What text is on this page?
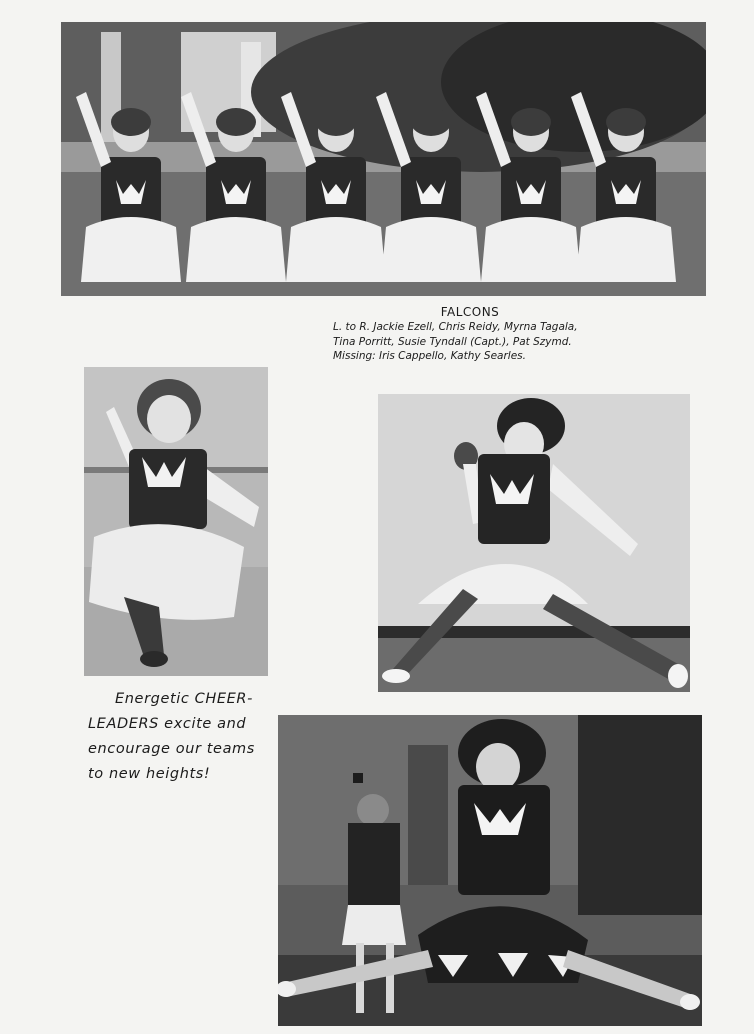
FALCONS
L. to R. Jackie Ezell, Chris Reidy, Myrna Tagala,
Tina Porritt, Susie Tyndall (Capt.), Pat Szymd.
Missing: Iris Cappello, Kathy Searles.
Energetic CHEER-
LEADERS excite and
encourage our teams
to new heights!
